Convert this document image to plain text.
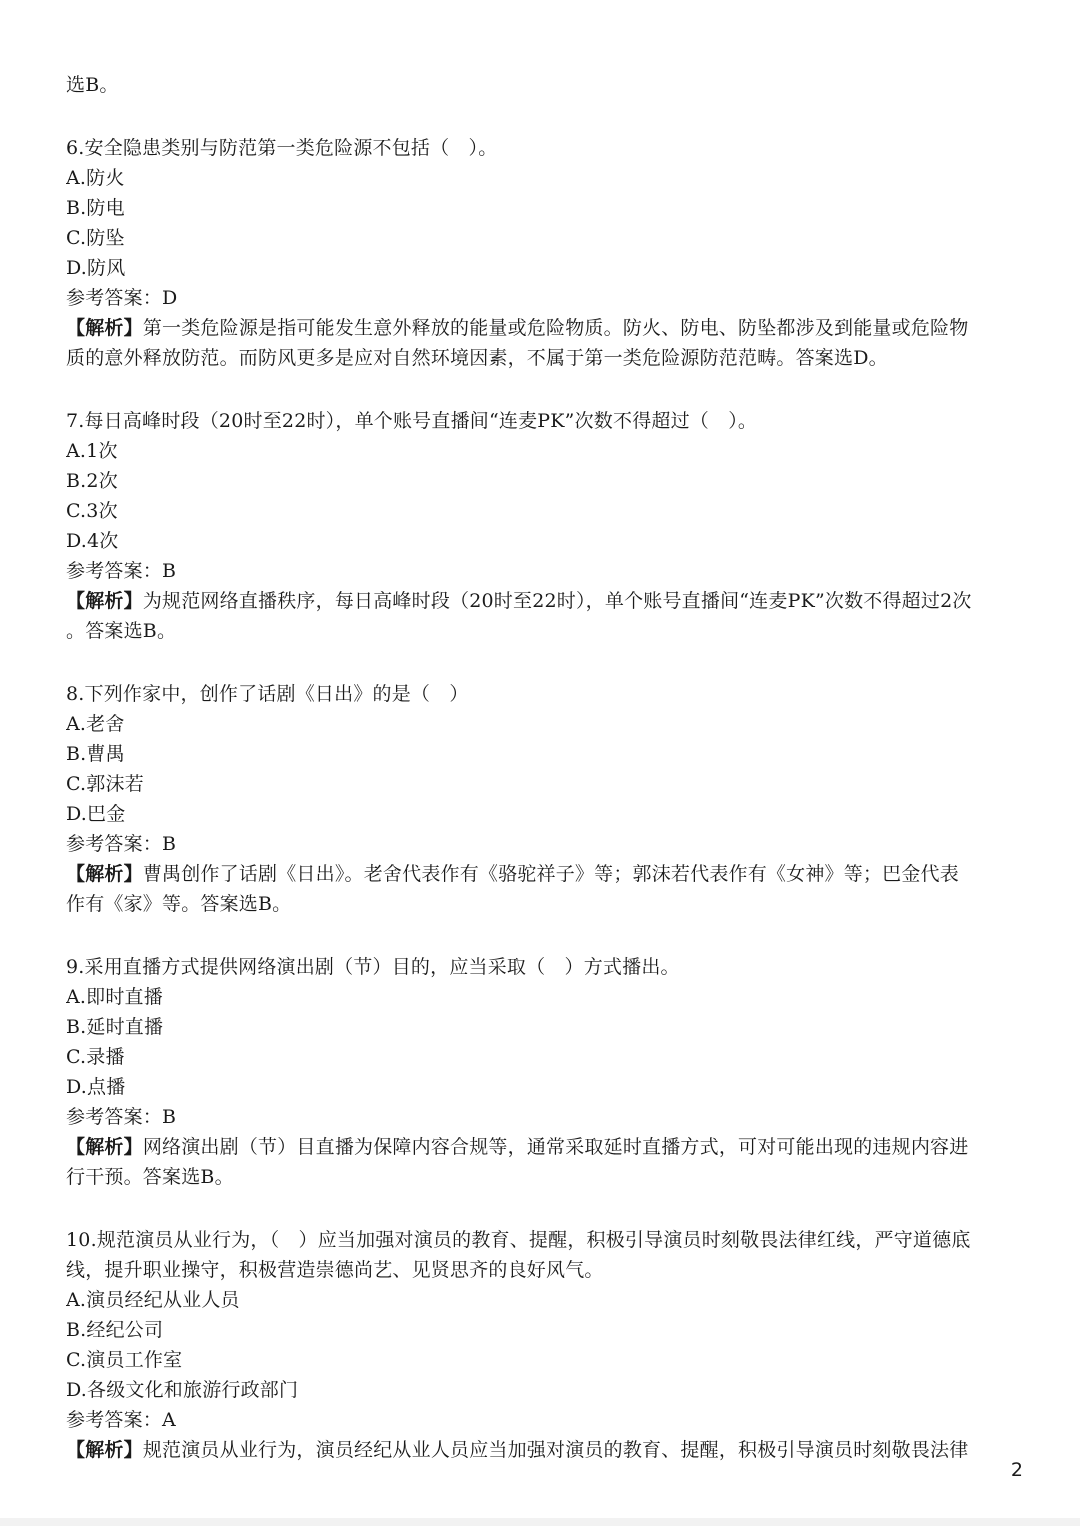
选B。
6.安全隐患类别与防范第一类危险源不包括（　）。
A.防火
B.防电
C.防坠
D.防风
参考答案：D
【解析】第一类危险源是指可能发生意外释放的能量或危险物质。防火、防电、防坠都涉及到能量或危险物
质的意外释放防范。而防风更多是应对自然环境因素，不属于第一类危险源防范范畴。答案选D。
7.每日高峰时段（20时至22时），单个账号直播间“连麦PK”次数不得超过（　）。
A.1次
B.2次
C.3次
D.4次
参考答案：B
【解析】为规范网络直播秩序，每日高峰时段（20时至22时），单个账号直播间“连麦PK”次数不得超过2次
。答案选B。
8.下列作家中，创作了话剧《日出》的是（　）
A.老舍
B.曹禺
C.郭沫若
D.巴金
参考答案：B
【解析】曹禺创作了话剧《日出》。老舍代表作有《骆驼祥子》等；郭沫若代表作有《女神》等；巴金代表
作有《家》等。答案选B。
9.采用直播方式提供网络演出剧（节）目的，应当采取（　）方式播出。
A.即时直播
B.延时直播
C.录播
D.点播
参考答案：B
【解析】网络演出剧（节）目直播为保障内容合规等，通常采取延时直播方式，可对可能出现的违规内容进
行干预。答案选B。
10.规范演员从业行为，（　）应当加强对演员的教育、提醒，积极引导演员时刻敬畏法律红线，严守道德底
线，提升职业操守，积极营造崇德尚艺、见贤思齐的良好风气。
A.演员经纪从业人员
B.经纪公司
C.演员工作室
D.各级文化和旅游行政部门
参考答案：A
【解析】规范演员从业行为，演员经纪从业人员应当加强对演员的教育、提醒，积极引导演员时刻敬畏法律
2
